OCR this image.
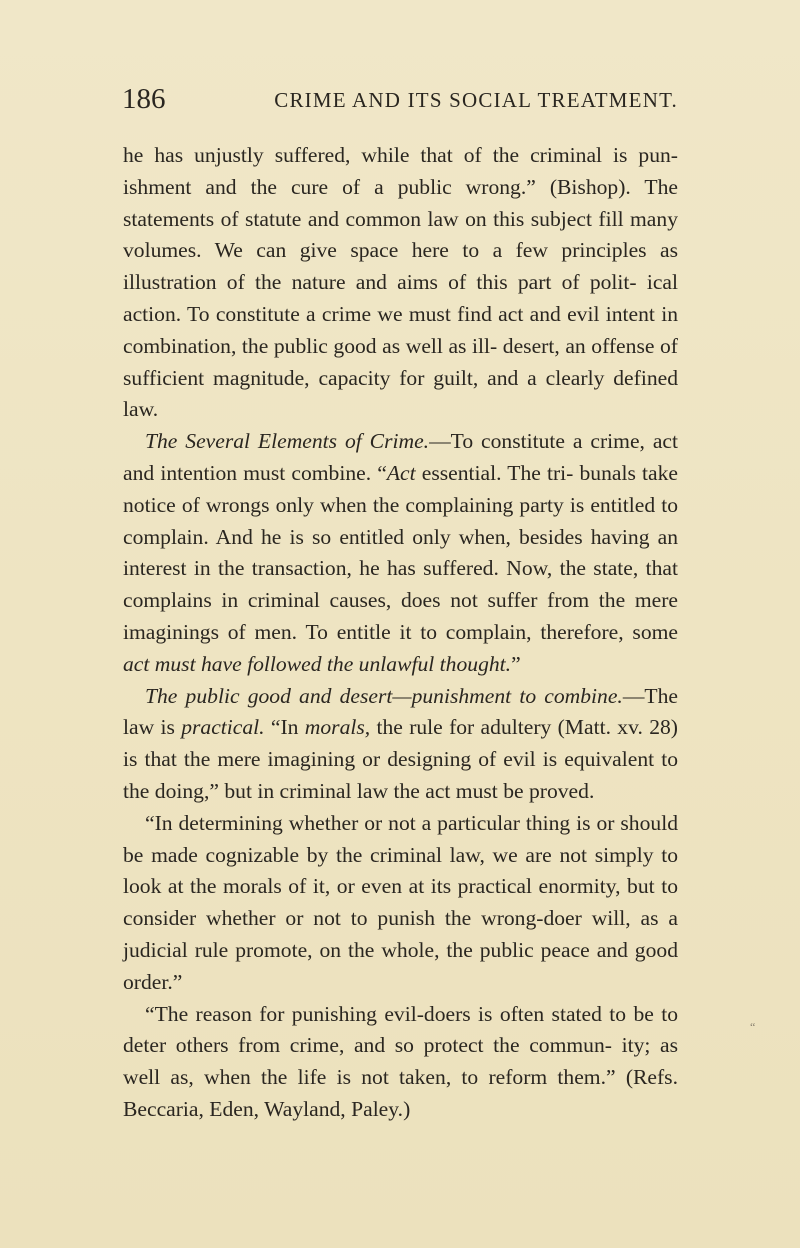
186	CRIME AND ITS SOCIAL TREATMENT.

he has unjustly suffered, while that of the criminal is pun- ishment and the cure of a public wrong.” (Bishop). The statements of statute and common law on this subject fill many volumes. We can give space here to a few principles as illustration of the nature and aims of this part of polit- ical action. To constitute a crime we must find act and evil intent in combination, the public good as well as ill- desert, an offense of sufficient magnitude, capacity for guilt, and a clearly defined law.

The Several Elements of Crime.—To constitute a crime, act and intention must combine. “Act essential. The tri- bunals take notice of wrongs only when the complaining party is entitled to complain. And he is so entitled only when, besides having an interest in the transaction, he has suffered. Now, the state, that complains in criminal causes, does not suffer from the mere imaginings of men. To entitle it to complain, therefore, some act must have followed the unlawful thought.”

The public good and desert—punishment to combine.—The law is practical. “In morals, the rule for adultery (Matt. xv. 28) is that the mere imagining or designing of evil is equivalent to the doing,” but in criminal law the act must be proved.

“In determining whether or not a particular thing is or should be made cognizable by the criminal law, we are not simply to look at the morals of it, or even at its practical enormity, but to consider whether or not to punish the wrong-doer will, as a judicial rule promote, on the whole, the public peace and good order.”

“The reason for punishing evil-doers is often stated to be to deter others from crime, and so protect the commun- ity; as well as, when the life is not taken, to reform them.” (Refs. Beccaria, Eden, Wayland, Paley.)

“
